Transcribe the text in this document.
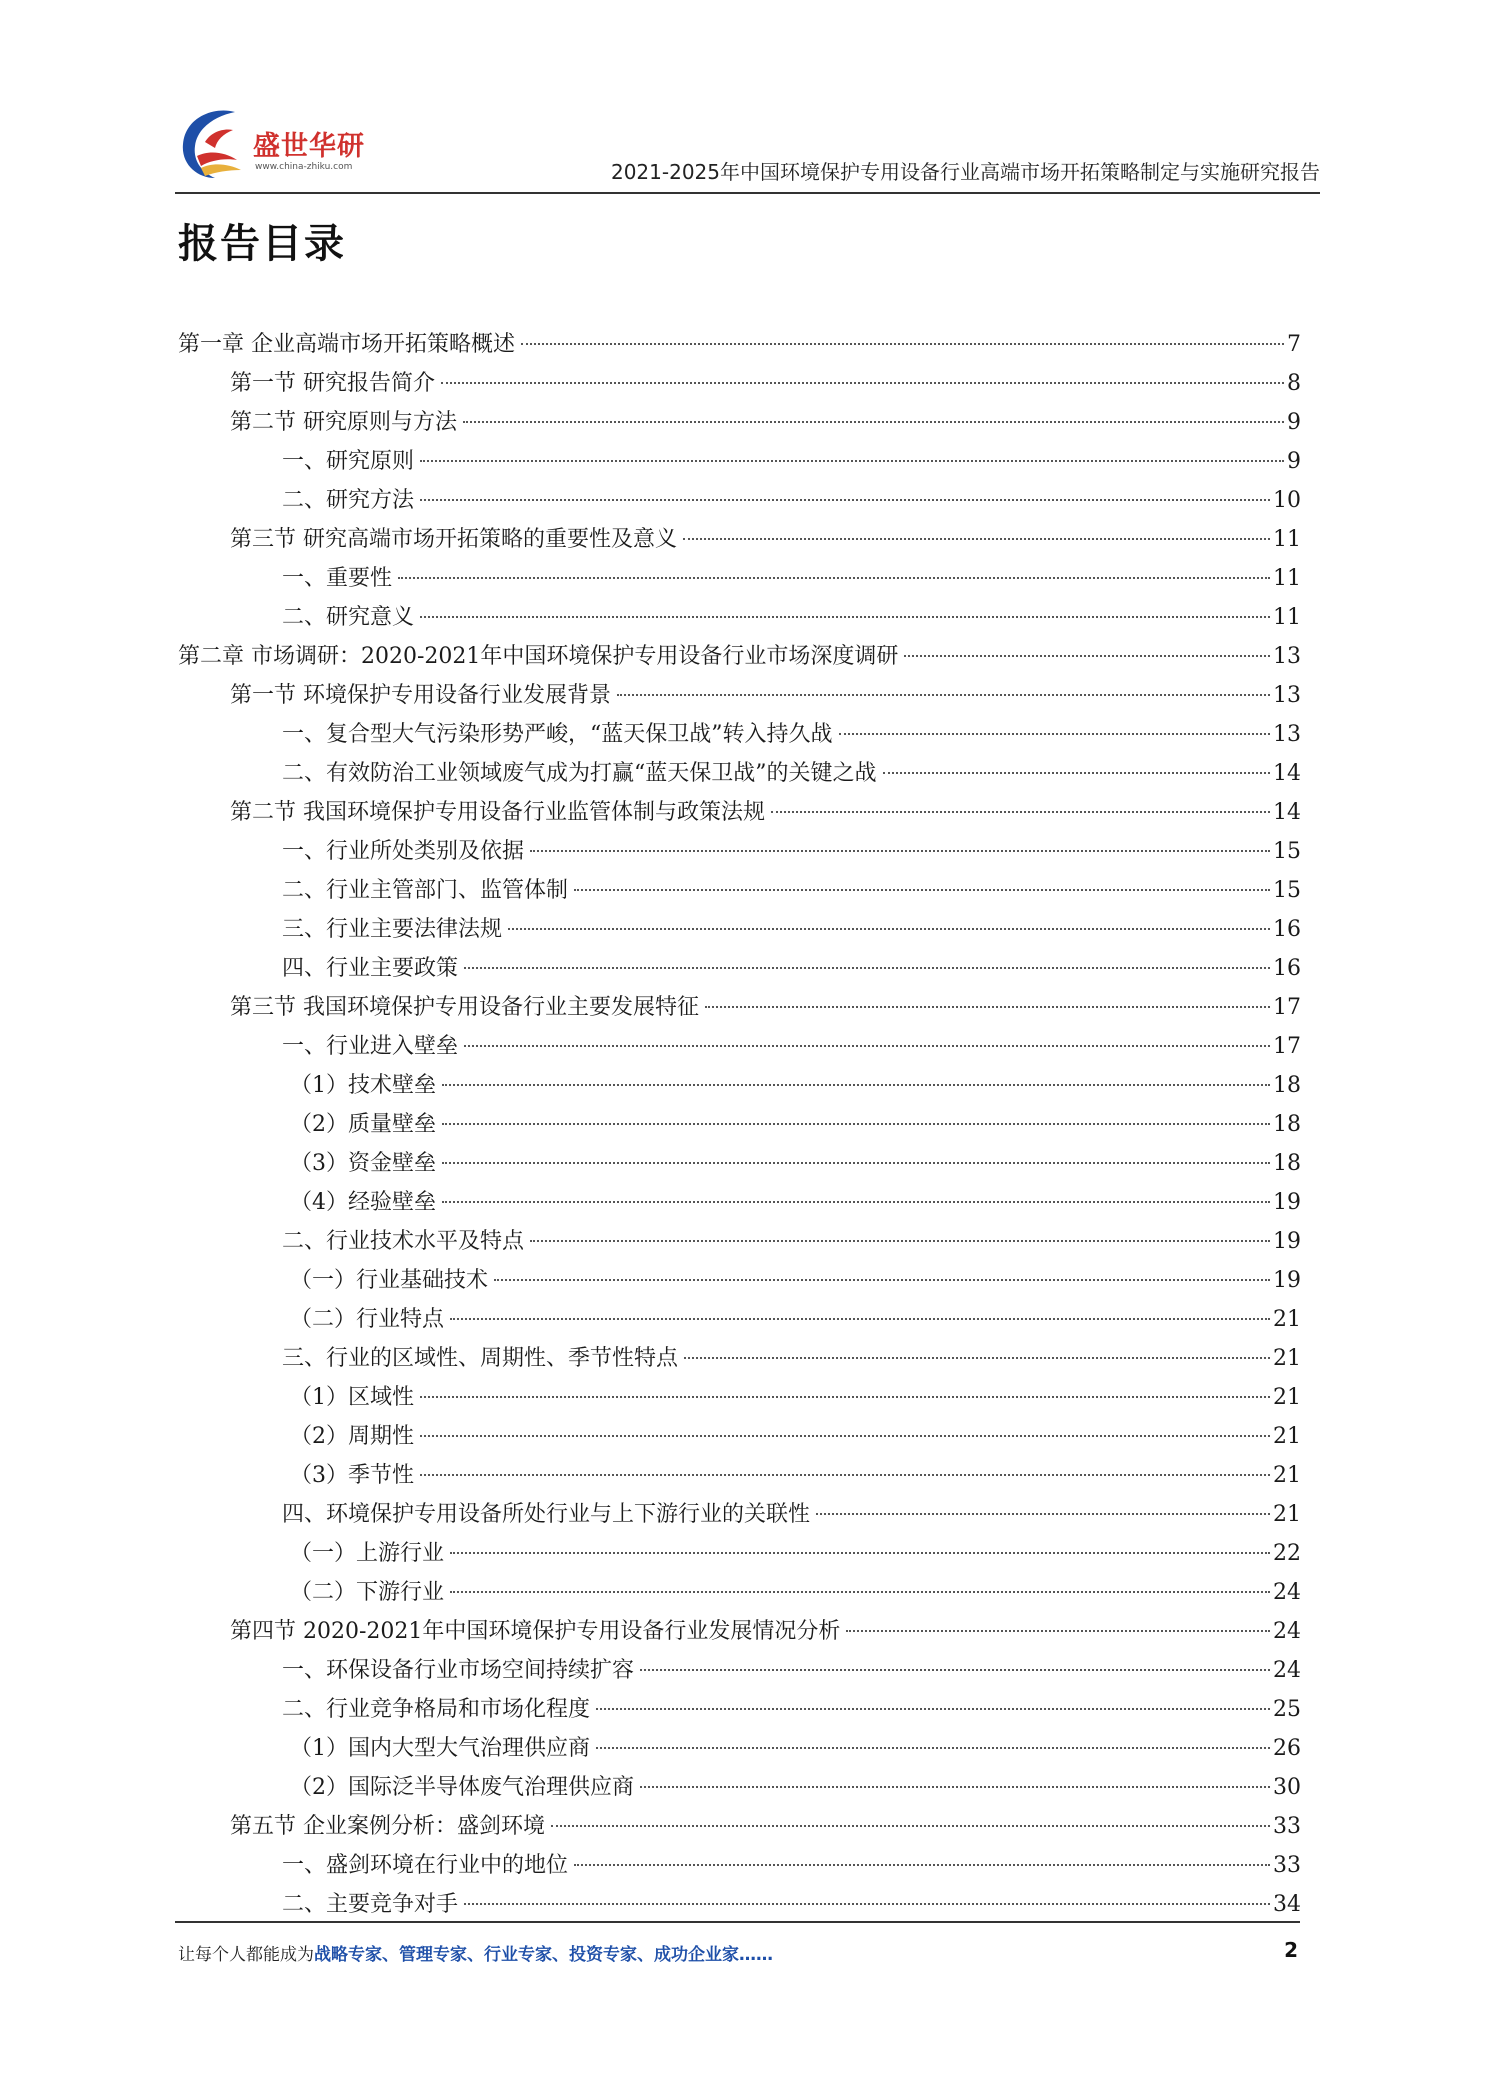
盛世华研
www.china-zhiku.com	2021-2025年中国环境保护专用设备行业高端市场开拓策略制定与实施研究报告
报告目录
第一章 企业高端市场开拓策略概述	7
第一节 研究报告简介	8
第二节 研究原则与方法	9
一、研究原则	9
二、研究方法	10
第三节 研究高端市场开拓策略的重要性及意义	11
一、重要性	11
二、研究意义	11
第二章 市场调研：2020-2021年中国环境保护专用设备行业市场深度调研	13
第一节 环境保护专用设备行业发展背景	13
一、复合型大气污染形势严峻，“蓝天保卫战”转入持久战	13
二、有效防治工业领域废气成为打赢“蓝天保卫战”的关键之战	14
第二节 我国环境保护专用设备行业监管体制与政策法规	14
一、行业所处类别及依据	15
二、行业主管部门、监管体制	15
三、行业主要法律法规	16
四、行业主要政策	16
第三节 我国环境保护专用设备行业主要发展特征	17
一、行业进入壁垒	17
（1）技术壁垒	18
（2）质量壁垒	18
（3）资金壁垒	18
（4）经验壁垒	19
二、行业技术水平及特点	19
（一）行业基础技术	19
（二）行业特点	21
三、行业的区域性、周期性、季节性特点	21
（1）区域性	21
（2）周期性	21
（3）季节性	21
四、环境保护专用设备所处行业与上下游行业的关联性	21
（一）上游行业	22
（二）下游行业	24
第四节 2020-2021年中国环境保护专用设备行业发展情况分析	24
一、环保设备行业市场空间持续扩容	24
二、行业竞争格局和市场化程度	25
（1）国内大型大气治理供应商	26
（2）国际泛半导体废气治理供应商	30
第五节 企业案例分析：盛剑环境	33
一、盛剑环境在行业中的地位	33
二、主要竞争对手	34
让每个人都能成为战略专家、管理专家、行业专家、投资专家、成功企业家……	2
